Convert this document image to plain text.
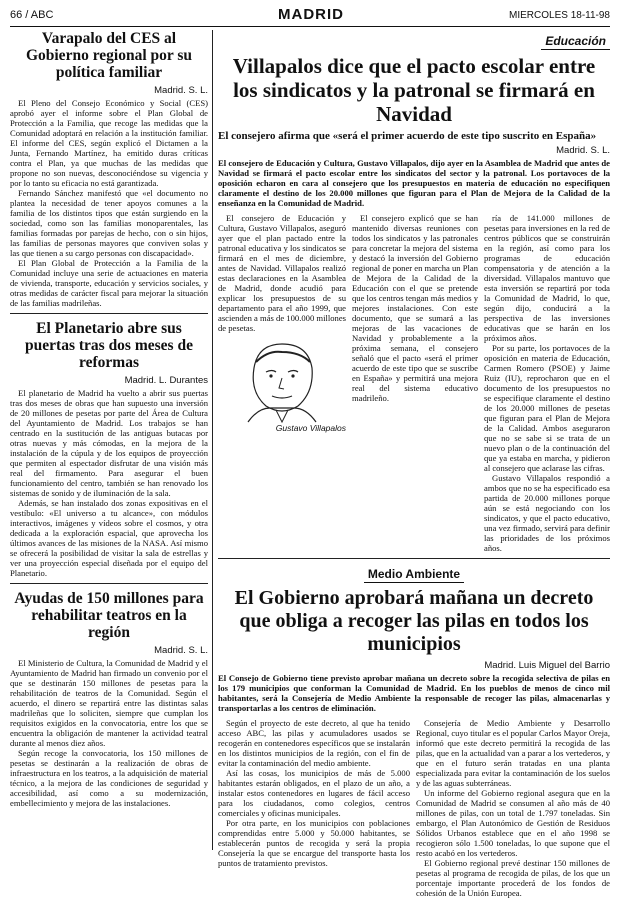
66 / ABC	MADRID	MIERCOLES 18-11-98
Varapalo del CES al Gobierno regional por su política familiar
Madrid. S. L.

El Pleno del Consejo Económico y Social (CES) aprobó ayer el informe sobre el Plan Global de Protección a la Familia, que recoge las medidas que la Comunidad adoptará en relación a la institución familiar. El informe del CES, según explicó el Dictamen a la Junta, Fernando Martínez, ha emitido duras críticas contra el Plan, ya que muchas de las medidas que propone no son nuevas, desconociéndose su vigencia y por lo tanto su eficacia no está garantizada.

Fernando Sánchez manifestó que «el documento no plantea la necesidad de tener apoyos comunes a la familia de los distintos tipos que están surgiendo en la sociedad, como son las familias monoparentales, las familias formadas por parejas de hecho, con o sin hijos, las familias de personas mayores que conviven solas y las que tienen a su cargo personas con discapacidad».

El Plan Global de Protección a la Familia de la Comunidad incluye una serie de actuaciones en materia de vivienda, transporte, educación y servicios sociales, y otras medidas de carácter fiscal para mejorar la situación de las familias madrileñas.

El Planetario abre sus puertas tras dos meses de reformas
Madrid. L. Durantes

El planetario de Madrid ha vuelto a abrir sus puertas tras dos meses de obras que han supuesto una inversión de 20 millones de pesetas por parte del Área de Cultura del Ayuntamiento de Madrid. Los trabajos se han centrado en la sustitución de las antiguas butacas por otras nuevas y más cómodas, en la mejora de la instalación de la cúpula y de los equipos de proyección que permiten al espectador disfrutar de una visión más real del firmamento. Para asegurar el buen funcionamiento del centro, también se han renovado los sistemas de sonido y de iluminación de la sala.

Además, se han instalado dos zonas expositivas en el vestíbulo: «El universo a tu alcance», con módulos interactivos, imágenes y vídeos sobre el cosmos, y otra dedicada a la exploración espacial, que aprovecha los últimos avances de las misiones de la NASA. Así mismo se ofrecerá la posibilidad de visitar la sala de estrellas y ver una proyección especial diseñada por el equipo del Planetario.

Ayudas de 150 millones para rehabilitar teatros en la región
Madrid. S. L.

El Ministerio de Cultura, la Comunidad de Madrid y el Ayuntamiento de Madrid han firmado un convenio por el que se destinarán 150 millones de pesetas para la rehabilitación de teatros de la Comunidad. Según el acuerdo, el dinero se repartirá entre las distintas salas madrileñas que lo soliciten, siempre que cumplan los requisitos exigidos en la convocatoria, entre los que se encuentra la obligación de mantener la actividad teatral durante al menos diez años.

Según recoge la convocatoria, los 150 millones de pesetas se destinarán a la realización de obras de infraestructura en los teatros, a la adquisición de material técnico, a la mejora de las condiciones de seguridad y accesibilidad, así como a su modernización, embellecimiento y mejora de las instalaciones.

Educación
Villapalos dice que el pacto escolar entre los sindicatos y la patronal se firmará en Navidad
El consejero afirma que «será el primer acuerdo de este tipo suscrito en España»
Madrid. S. L.

El consejero de Educación y Cultura, Gustavo Villapalos, dijo ayer en la Asamblea de Madrid que antes de Navidad se firmará el pacto escolar entre los sindicatos del sector y la patronal. Los portavoces de la oposición echaron en cara al consejero que los presupuestos en materia de educación no especifiquen claramente el destino de los 20.000 millones que figuran para el Plan de Mejora de la Calidad de la enseñanza en la Comunidad de Madrid.

El consejero de Educación y Cultura, Gustavo Villapalos, aseguró ayer que el plan pactado entre la patronal educativa y los sindicatos se firmará en el mes de diciembre, antes de Navidad. Villapalos realizó estas declaraciones en la Asamblea de Madrid, donde acudió para explicar los presupuestos de su departamento para el año 1999, que ascienden a más de 100.000 millones de pesetas.

Gustavo Villapalos

El consejero explicó que se han mantenido diversas reuniones con todos los sindicatos y las patronales para concretar la mejora del sistema y destacó la inversión del Gobierno regional de poner en marcha un Plan de Mejora de la Calidad de la Educación con el que se pretende que los centros tengan más medios y mejores instalaciones. Con este documento, que se sumará a las mejoras de las vacaciones de Navidad y probablemente a la próxima semana, el consejero señaló que el pacto «será el primer acuerdo de este tipo que se suscribe en España» y permitirá una mejora real del sistema educativo madrileño.

ría de 141.000 millones de pesetas para inversiones en la red de centros públicos que se construirán en la región, así como para los programas de educación compensatoria y de atención a la diversidad. Villapalos mantuvo que esta inversión se repartirá por toda la Comunidad de Madrid, lo que, según dijo, conducirá a la perspectiva de las inversiones educativas que se harán en los próximos años.

Por su parte, los portavoces de la oposición en materia de Educación, Carmen Romero (PSOE) y Jaime Ruiz (IU), reprocharon que en el documento de los presupuestos no se especifique claramente el destino de los 20.000 millones de pesetas que figuran para el Plan de Mejora de la Calidad. Ambos aseguraron que no se sabe si se trata de un nuevo plan o de la continuación del que ya estaba en marcha, y pidieron al consejero que aclarase las cifras.

Gustavo Villapalos respondió a ambos que no se ha especificado esa partida de 20.000 millones porque aún se está negociando con los sindicatos, y que el pacto educativo, una vez firmado, servirá para definir las prioridades de los próximos años.

Medio Ambiente
El Gobierno aprobará mañana un decreto que obliga a recoger las pilas en todos los municipios
Madrid. Luis Miguel del Barrio

El Consejo de Gobierno tiene previsto aprobar mañana un decreto sobre la recogida selectiva de pilas en los 179 municipios que conforman la Comunidad de Madrid. En los pueblos de menos de cinco mil habitantes, será la Consejería de Medio Ambiente la responsable de recoger las pilas, almacenarlas y transportarlas a los centros de eliminación.

Según el proyecto de este decreto, al que ha tenido acceso ABC, las pilas y acumuladores usados se recogerán en contenedores específicos que se instalarán en los distintos municipios de la región, con el fin de evitar la contaminación del medio ambiente.

Así las cosas, los municipios de más de 5.000 habitantes estarán obligados, en el plazo de un año, a instalar estos contenedores en lugares de fácil acceso para los ciudadanos, como colegios, centros comerciales y oficinas municipales.

Por otra parte, en los municipios con poblaciones comprendidas entre 5.000 y 50.000 habitantes, se establecerán puntos de recogida y será la propia Consejería la que se encargue del transporte hasta los puntos de tratamiento previstos.

Consejería de Medio Ambiente y Desarrollo Regional, cuyo titular es el popular Carlos Mayor Oreja, informó que este decreto permitirá la recogida de las pilas, que en la actualidad van a parar a los vertederos, y que en el futuro serán tratadas en una planta especializada para evitar la contaminación de los suelos y de las aguas subterráneas.

Un informe del Gobierno regional asegura que en la Comunidad de Madrid se consumen al año más de 40 millones de pilas, con un total de 1.797 toneladas. Sin embargo, el Plan Autonómico de Gestión de Residuos Sólidos Urbanos establece que en el año 1998 se recogieron sólo 1.500 toneladas, lo que supone que el resto acabó en los vertederos.

El Gobierno regional prevé destinar 150 millones de pesetas al programa de recogida de pilas, de los que un porcentaje importante procederá de los fondos de cohesión de la Unión Europea.
